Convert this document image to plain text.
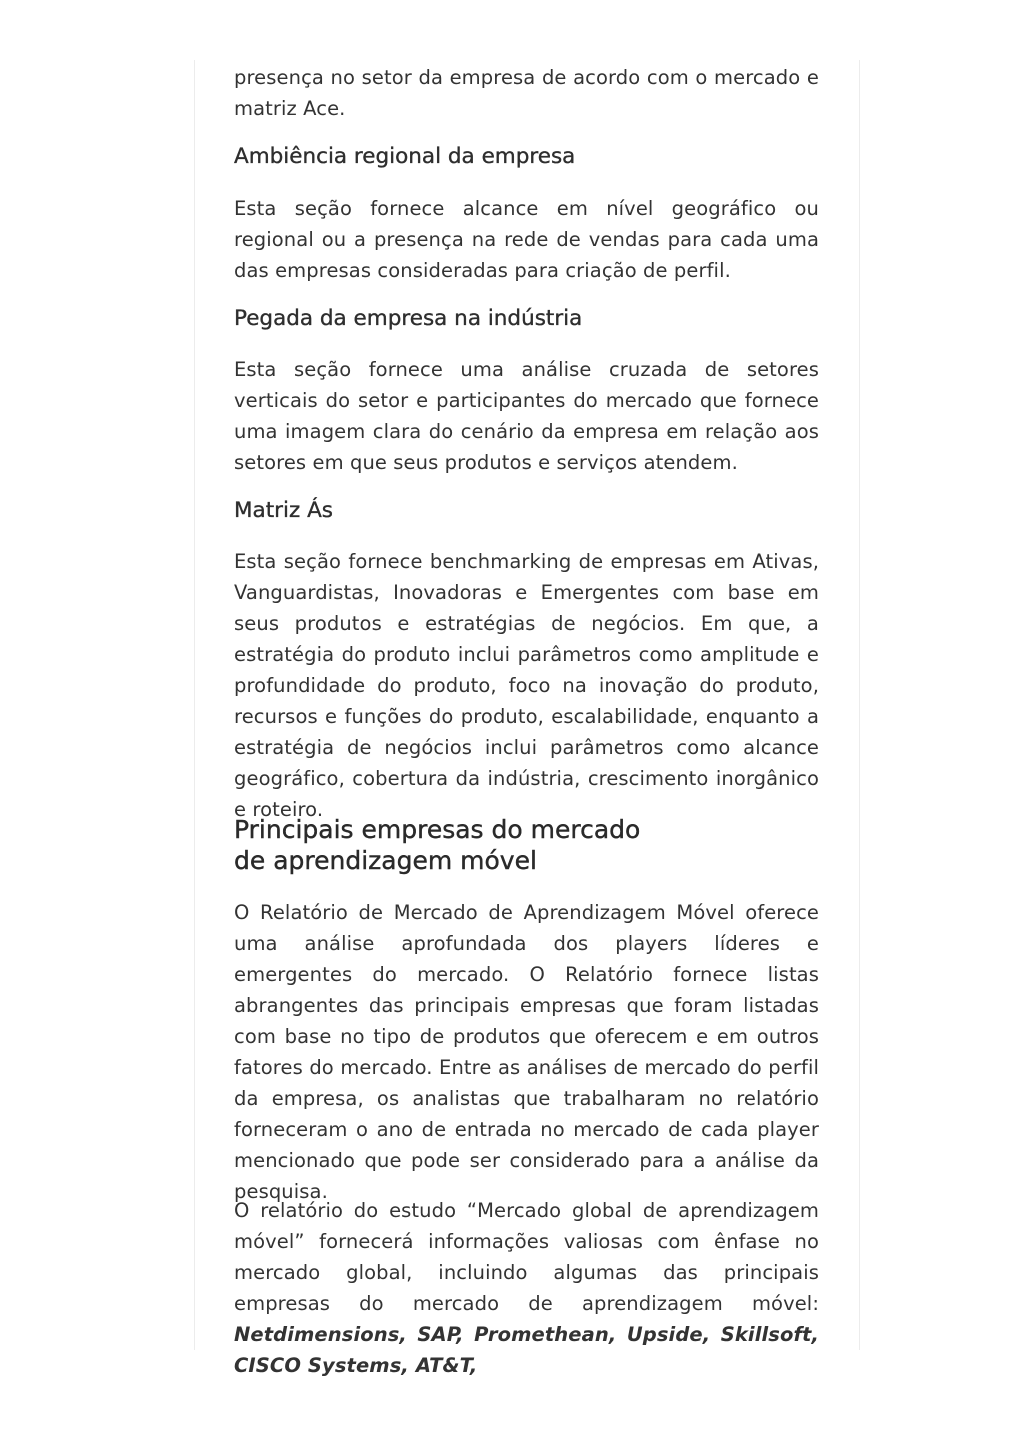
presença no setor da empresa de acordo com o mercado e matriz Ace.

Ambiência regional da empresa

Esta seção fornece alcance em nível geográfico ou regional ou a presença na rede de vendas para cada uma das empresas consideradas para criação de perfil.

Pegada da empresa na indústria

Esta seção fornece uma análise cruzada de setores verticais do setor e participantes do mercado que fornece uma imagem clara do cenário da empresa em relação aos setores em que seus produtos e serviços atendem.

Matriz Ás

Esta seção fornece benchmarking de empresas em Ativas, Vanguardistas, Inovadoras e Emergentes com base em seus produtos e estratégias de negócios. Em que, a estratégia do produto inclui parâmetros como amplitude e profundidade do produto, foco na inovação do produto, recursos e funções do produto, escalabilidade, enquanto a estratégia de negócios inclui parâmetros como alcance geográfico, cobertura da indústria, crescimento inorgânico e roteiro.

Principais empresas do mercado de aprendizagem móvel

O Relatório de Mercado de Aprendizagem Móvel oferece uma análise aprofundada dos players líderes e emergentes do mercado. O Relatório fornece listas abrangentes das principais empresas que foram listadas com base no tipo de produtos que oferecem e em outros fatores do mercado. Entre as análises de mercado do perfil da empresa, os analistas que trabalharam no relatório forneceram o ano de entrada no mercado de cada player mencionado que pode ser considerado para a análise da pesquisa.

O relatório do estudo “Mercado global de aprendizagem móvel” fornecerá informações valiosas com ênfase no mercado global, incluindo algumas das principais empresas do mercado de aprendizagem móvel: Netdimensions, SAP, Promethean, Upside, Skillsoft, CISCO Systems, AT&T,
